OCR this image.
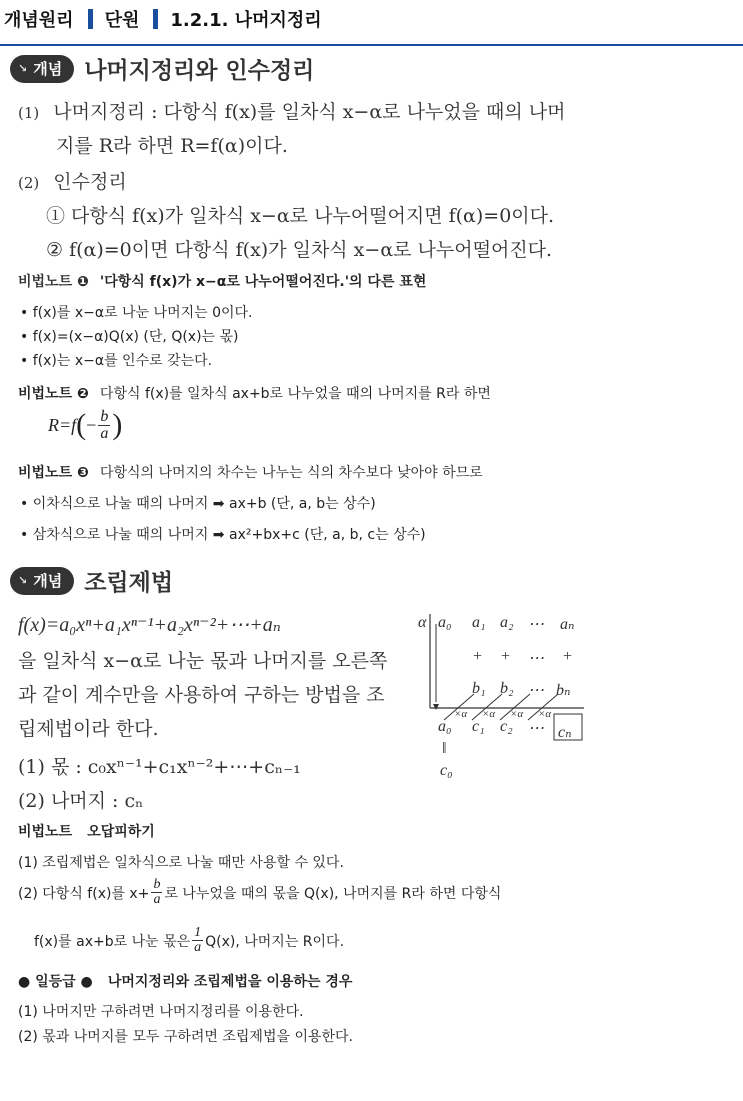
개념원리 단원 1.2.1. 나머지정리
↘ 개념 나머지정리와 인수정리
(1) 나머지정리 : 다항식 f(x)를 일차식 x−α로 나누었을 때의 나머
지를 R라 하면 R=f(α)이다.
(2) 인수정리
① 다항식 f(x)가 일차식 x−α로 나누어떨어지면 f(α)=0이다.
② f(α)=0이면 다항식 f(x)가 일차식 x−α로 나누어떨어진다.
비법노트 ❶ '다항식 f(x)가 x−α로 나누어떨어진다.'의 다른 표현
• f(x)를 x−α로 나눈 나머지는 0이다.
• f(x)=(x−α)Q(x) (단, Q(x)는 몫)
• f(x)는 x−α를 인수로 갖는다.
비법노트 ❷ 다항식 f(x)를 일차식 ax+b로 나누었을 때의 나머지를 R라 하면
R=f ( − $\frac{b}{a}$ )
비법노트 ❸ 다항식의 나머지의 차수는 나누는 식의 차수보다 낮아야 하므로
• 이차식으로 나눌 때의 나머지 ➡ ax+b (단, a, b는 상수)
• 삼차식으로 나눌 때의 나머지 ➡ ax²+bx+c (단, a, b, c는 상수)
↘ 개념 조립제법
f(x)=a₀xⁿ+a₁xⁿ⁻¹+a₂xⁿ⁻²+⋯+aₙ
을 일차식 x−α로 나눈 몫과 나머지를 오른쪽
과 같이 계수만을 사용하여 구하는 방법을 조
립제법이라 한다.
(1) 몫 : c₀xⁿ⁻¹+c₁xⁿ⁻²+⋯+cₙ₋₁
(2) 나머지 : cₙ
α a₀ a₁ a₂ ⋯ aₙ
+ + ⋯ +
b₁ b₂ ⋯ bₙ
×α ×α ×α ×α
a₀ c₁ c₂ ⋯ cₙ
‖
c₀
비법노트 오답피하기
(1) 조립제법은 일차식으로 나눌 때만 사용할 수 있다.
(2) 다항식 f(x)를 $x+ \frac{b}{a}$ 로 나누었을 때의 몫을 Q(x), 나머지를 R라 하면 다항식
f(x)를 ax+b로 나눈 몫은 $\frac{1}{a} Q(x)$, 나머지는 R이다.
● 일등급 ● 나머지정리와 조립제법을 이용하는 경우
(1) 나머지만 구하려면 나머지정리를 이용한다.
(2) 몫과 나머지를 모두 구하려면 조립제법을 이용한다.
